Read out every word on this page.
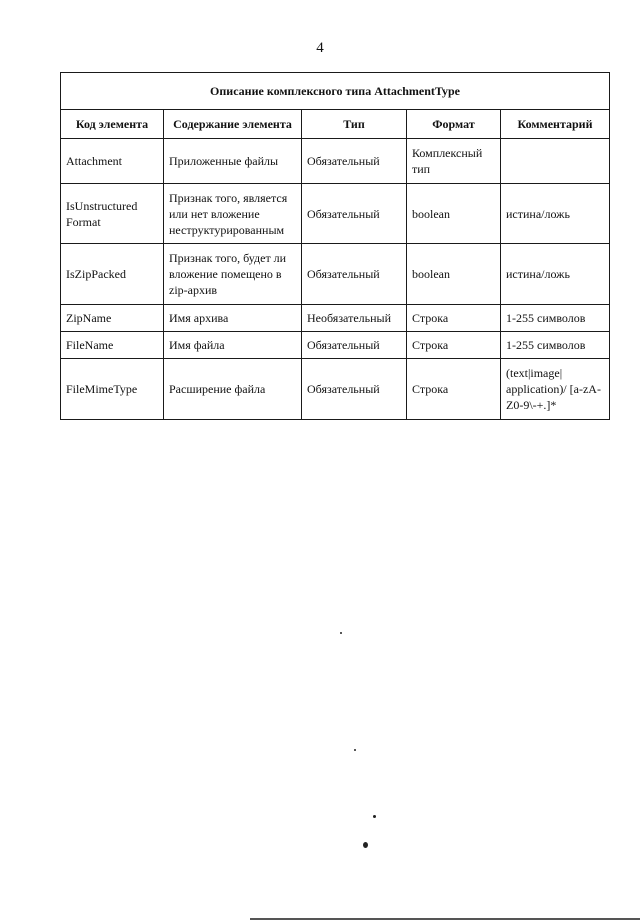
4
Описание комплексного типа AttachmentType				
Код элемента	Содержание элемента	Тип	Формат	Комментарий
Attachment	Приложенные файлы	Обязательный	Комплексный тип	
IsUnstructured Format	Признак того, является или нет вложение неструктурированным	Обязательный	boolean	истина/ложь
IsZipPacked	Признак того, будет ли вложение помещено в zip-архив	Обязательный	boolean	истина/ложь
ZipName	Имя архива	Необязательный	Строка	1-255 символов
FileName	Имя файла	Обязательный	Строка	1-255 символов
FileMimeType	Расширение файла	Обязательный	Строка	(text|image| application)/ [a-zA-Z0-9\-+.]*
